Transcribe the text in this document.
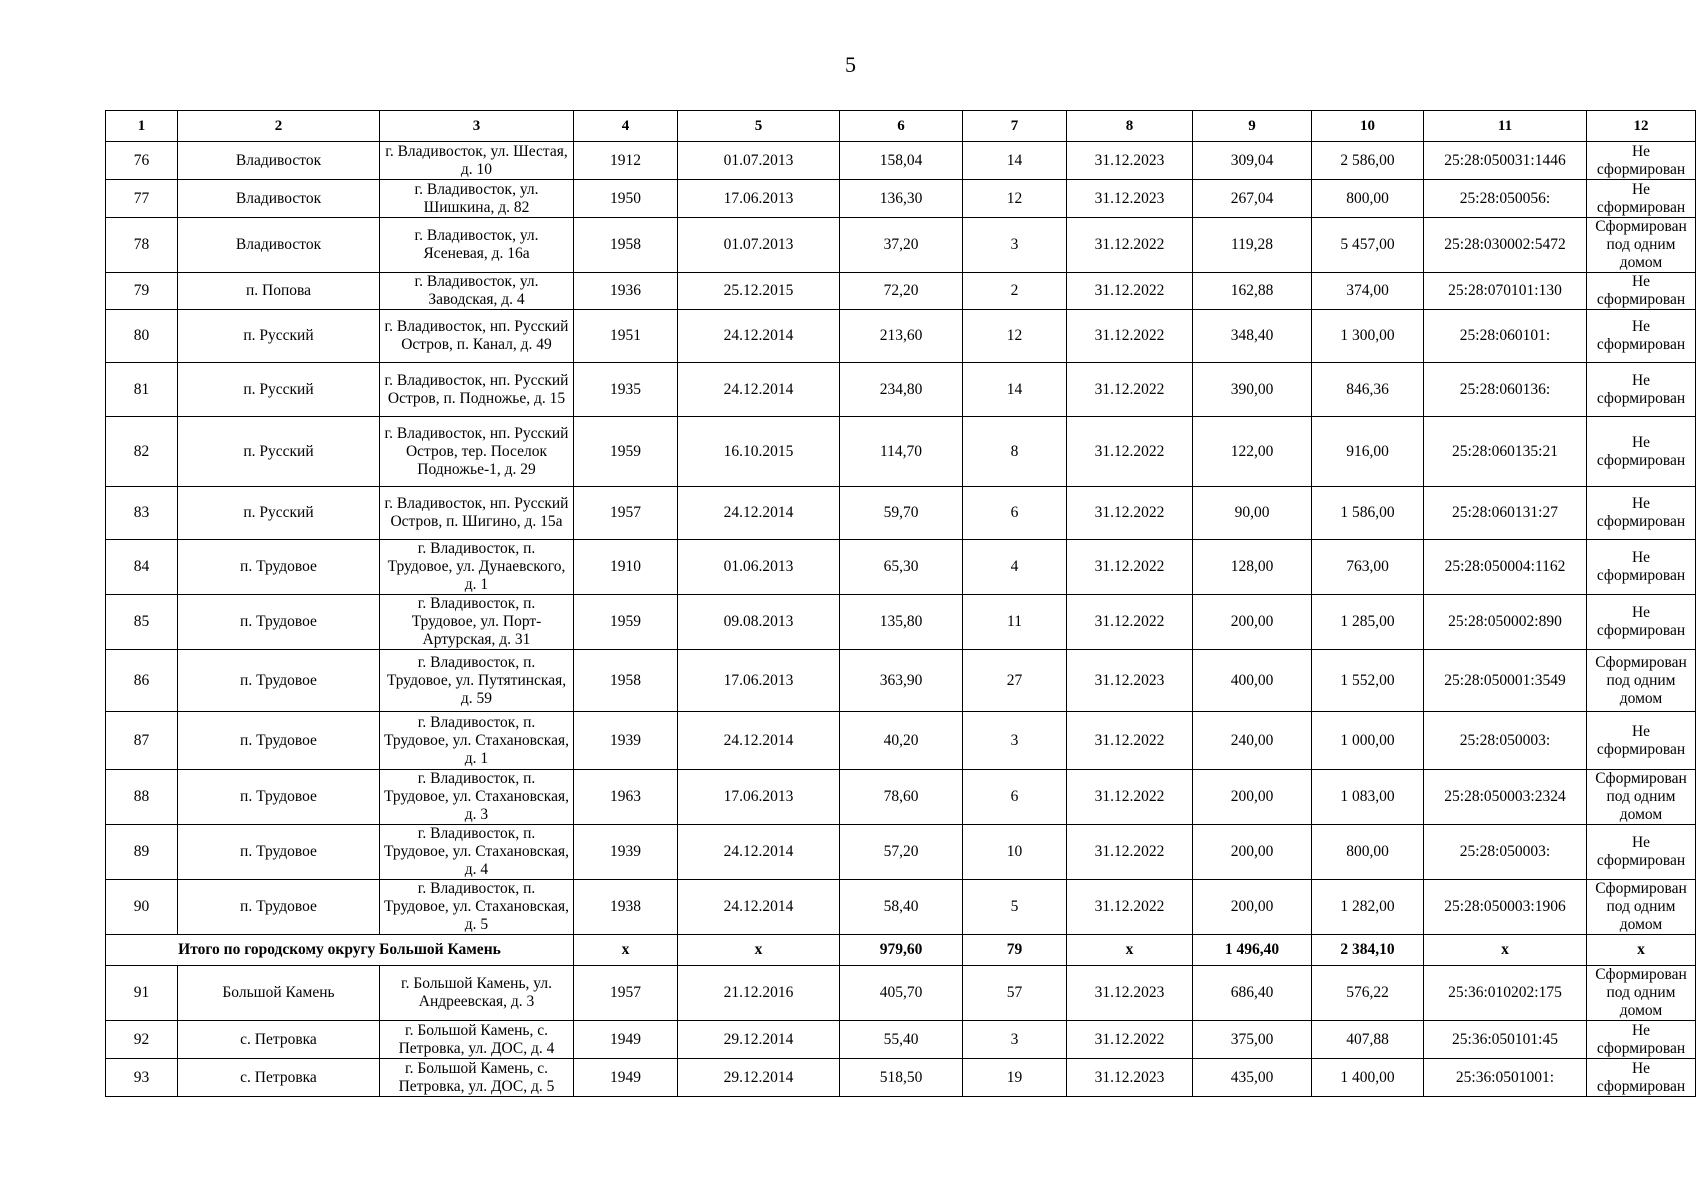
5
1	2	3	4	5	6	7	8	9	10	11	12
76	Владивосток	г. Владивосток, ул. Шестая, д. 10	1912	01.07.2013	158,04	14	31.12.2023	309,04	2 586,00	25:28:050031:1446	Не сформирован
77	Владивосток	г. Владивосток, ул. Шишкина, д. 82	1950	17.06.2013	136,30	12	31.12.2023	267,04	800,00	25:28:050056:	Не сформирован
78	Владивосток	г. Владивосток, ул. Ясеневая, д. 16а	1958	01.07.2013	37,20	3	31.12.2022	119,28	5 457,00	25:28:030002:5472	Сформирован под одним домом
79	п. Попова	г. Владивосток, ул. Заводская, д. 4	1936	25.12.2015	72,20	2	31.12.2022	162,88	374,00	25:28:070101:130	Не сформирован
80	п. Русский	г. Владивосток, нп. Русский Остров, п. Канал, д. 49	1951	24.12.2014	213,60	12	31.12.2022	348,40	1 300,00	25:28:060101:	Не сформирован
81	п. Русский	г. Владивосток, нп. Русский Остров, п. Подножье, д. 15	1935	24.12.2014	234,80	14	31.12.2022	390,00	846,36	25:28:060136:	Не сформирован
82	п. Русский	г. Владивосток, нп. Русский Остров, тер. Поселок Подножье-1, д. 29	1959	16.10.2015	114,70	8	31.12.2022	122,00	916,00	25:28:060135:21	Не сформирован
83	п. Русский	г. Владивосток, нп. Русский Остров, п. Шигино, д. 15а	1957	24.12.2014	59,70	6	31.12.2022	90,00	1 586,00	25:28:060131:27	Не сформирован
84	п. Трудовое	г. Владивосток, п. Трудовое, ул. Дунаевского, д. 1	1910	01.06.2013	65,30	4	31.12.2022	128,00	763,00	25:28:050004:1162	Не сформирован
85	п. Трудовое	г. Владивосток, п. Трудовое, ул. Порт-Артурская, д. 31	1959	09.08.2013	135,80	11	31.12.2022	200,00	1 285,00	25:28:050002:890	Не сформирован
86	п. Трудовое	г. Владивосток, п. Трудовое, ул. Путятинская, д. 59	1958	17.06.2013	363,90	27	31.12.2023	400,00	1 552,00	25:28:050001:3549	Сформирован под одним домом
87	п. Трудовое	г. Владивосток, п. Трудовое, ул. Стахановская, д. 1	1939	24.12.2014	40,20	3	31.12.2022	240,00	1 000,00	25:28:050003:	Не сформирован
88	п. Трудовое	г. Владивосток, п. Трудовое, ул. Стахановская, д. 3	1963	17.06.2013	78,60	6	31.12.2022	200,00	1 083,00	25:28:050003:2324	Сформирован под одним домом
89	п. Трудовое	г. Владивосток, п. Трудовое, ул. Стахановская, д. 4	1939	24.12.2014	57,20	10	31.12.2022	200,00	800,00	25:28:050003:	Не сформирован
90	п. Трудовое	г. Владивосток, п. Трудовое, ул. Стахановская, д. 5	1938	24.12.2014	58,40	5	31.12.2022	200,00	1 282,00	25:28:050003:1906	Сформирован под одним домом
Итого по городскому округу Большой Камень			х	х	979,60	79	х	1 496,40	2 384,10	х	х
91	Большой Камень	г. Большой Камень, ул. Андреевская, д. 3	1957	21.12.2016	405,70	57	31.12.2023	686,40	576,22	25:36:010202:175	Сформирован под одним домом
92	с. Петровка	г. Большой Камень, с. Петровка, ул. ДОС, д. 4	1949	29.12.2014	55,40	3	31.12.2022	375,00	407,88	25:36:050101:45	Не сформирован
93	с. Петровка	г. Большой Камень, с. Петровка, ул. ДОС, д. 5	1949	29.12.2014	518,50	19	31.12.2023	435,00	1 400,00	25:36:0501001:	Не сформирован
